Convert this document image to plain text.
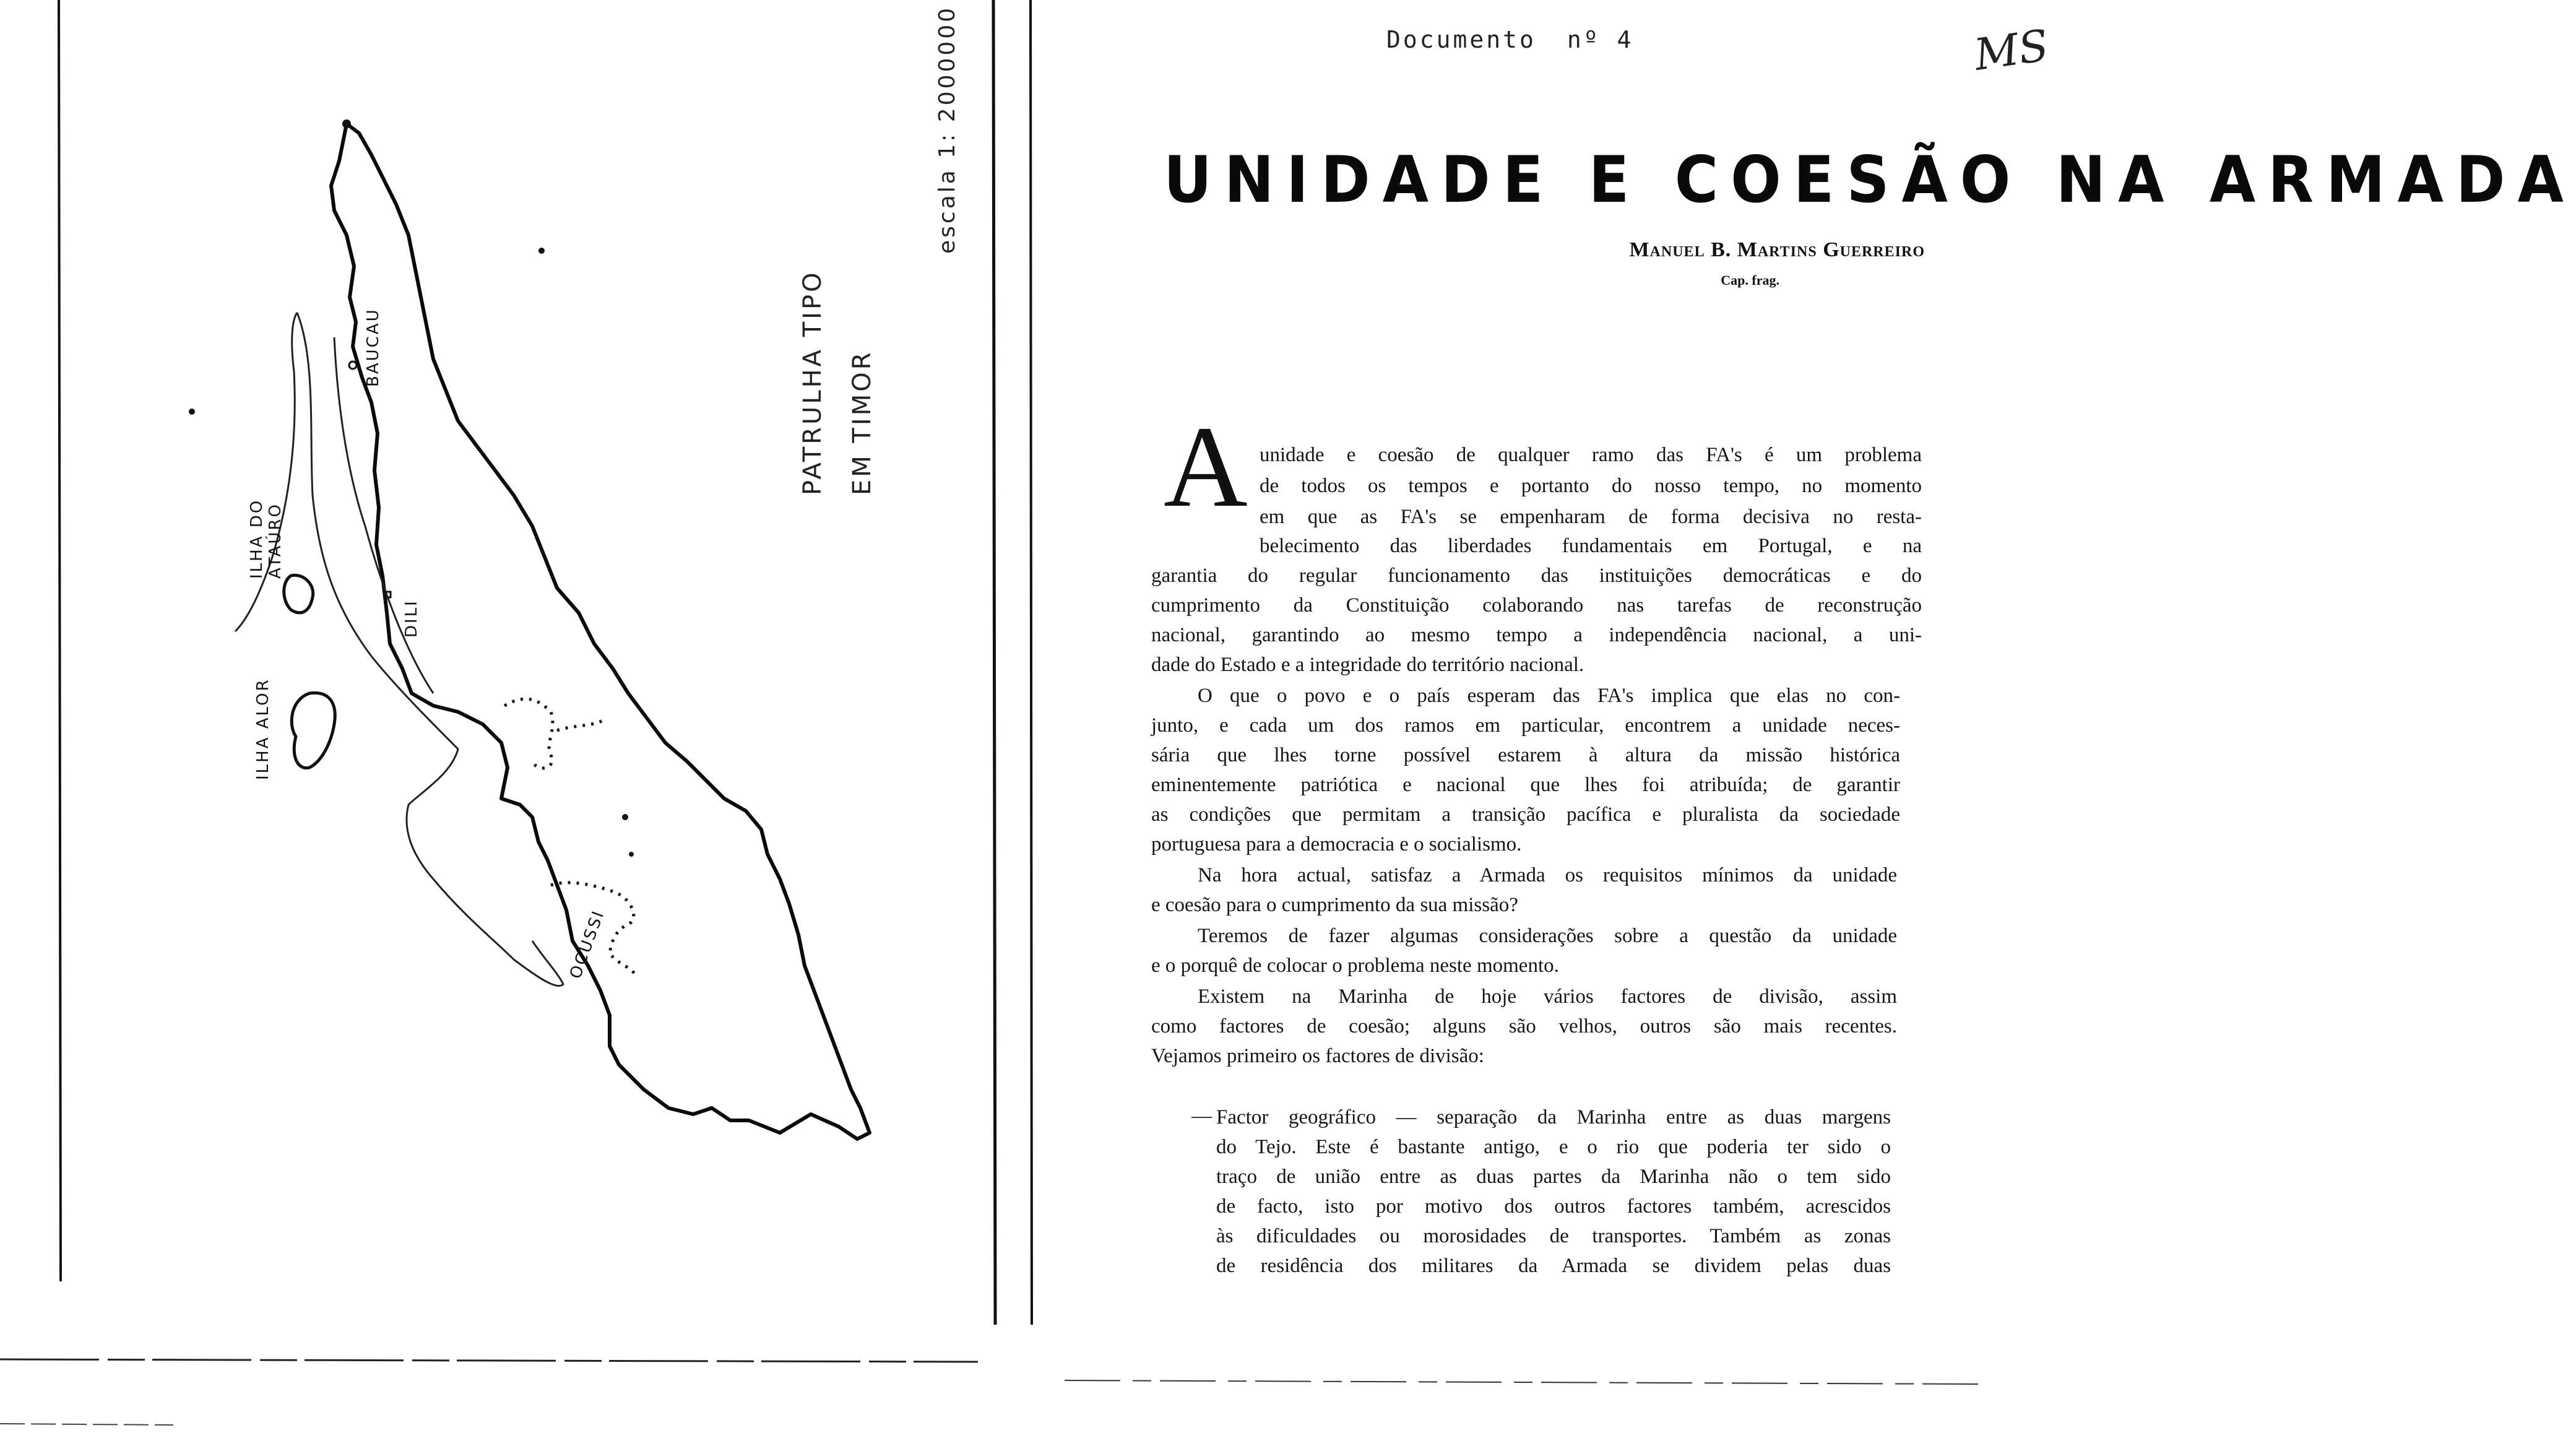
PATRULHA TIPO EM TIMOR
escala 1: 2000000
ILHA DO ATAÚRO
ILHA ALOR
BAUCAU
DILI
OCUSSI
Documento nº 4	MS
UNIDADE E COESÃO NA ARMADA
Manuel B. Martins Guerreiro
Cap. frag.
A unidade e coesão de qualquer ramo das FA's é um problema
de todos os tempos e portanto do nosso tempo, no momento
em que as FA's se empenharam de forma decisiva no resta-
belecimento das liberdades fundamentais em Portugal, e na
garantia do regular funcionamento das instituições democráticas e do
cumprimento da Constituição colaborando nas tarefas de reconstrução
nacional, garantindo ao mesmo tempo a independência nacional, a uni-
dade do Estado e a integridade do território nacional.
O que o povo e o país esperam das FA's implica que elas no con-
junto, e cada um dos ramos em particular, encontrem a unidade neces-
sária que lhes torne possível estarem à altura da missão histórica
eminentemente patriótica e nacional que lhes foi atribuída; de garantir
as condições que permitam a transição pacífica e pluralista da sociedade
portuguesa para a democracia e o socialismo.
Na hora actual, satisfaz a Armada os requisitos mínimos da unidade
e coesão para o cumprimento da sua missão?
Teremos de fazer algumas considerações sobre a questão da unidade
e o porquê de colocar o problema neste momento.
Existem na Marinha de hoje vários factores de divisão, assim
como factores de coesão; alguns são velhos, outros são mais recentes.
Vejamos primeiro os factores de divisão:
— Factor geográfico — separação da Marinha entre as duas margens
do Tejo. Este é bastante antigo, e o rio que poderia ter sido o
traço de união entre as duas partes da Marinha não o tem sido
de facto, isto por motivo dos outros factores também, acrescidos
às dificuldades ou morosidades de transportes. Também as zonas
de residência dos militares da Armada se dividem pelas duas
